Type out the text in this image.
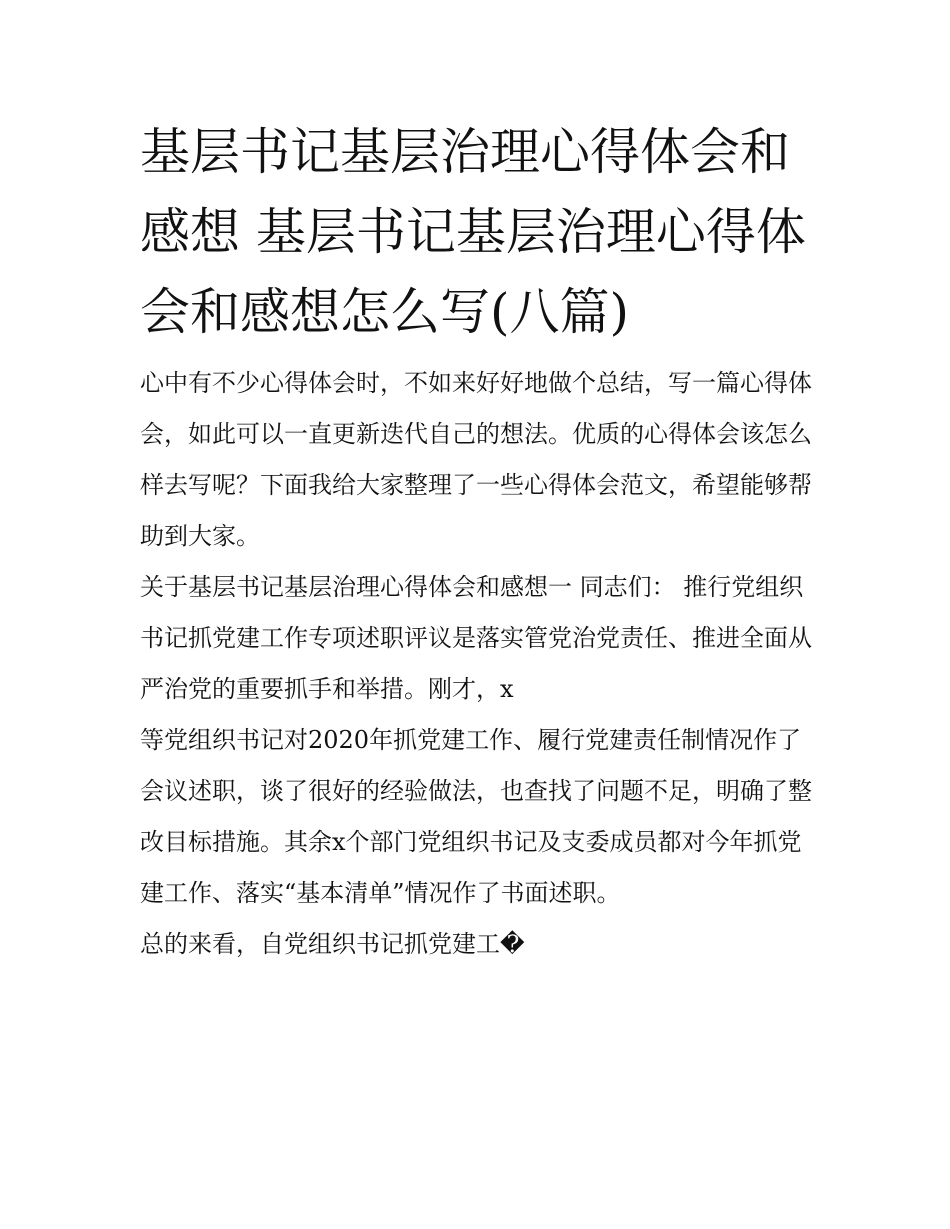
基层书记基层治理心得体会和感想 基层书记基层治理心得体会和感想怎么写(八篇)

心中有不少心得体会时，不如来好好地做个总结，写一篇心得体会，如此可以一直更新迭代自己的想法。优质的心得体会该怎么样去写呢？下面我给大家整理了一些心得体会范文，希望能够帮助到大家。

关于基层书记基层治理心得体会和感想一 同志们： 推行党组织书记抓党建工作专项述职评议是落实管党治党责任、推进全面从严治党的重要抓手和举措。刚才，x

等党组织书记对2020年抓党建工作、履行党建责任制情况作了会议述职，谈了很好的经验做法，也查找了问题不足，明确了整改目标措施。其余x个部门党组织书记及支委成员都对今年抓党建工作、落实“基本清单”情况作了书面述职。

总的来看，自党组织书记抓党建工�
